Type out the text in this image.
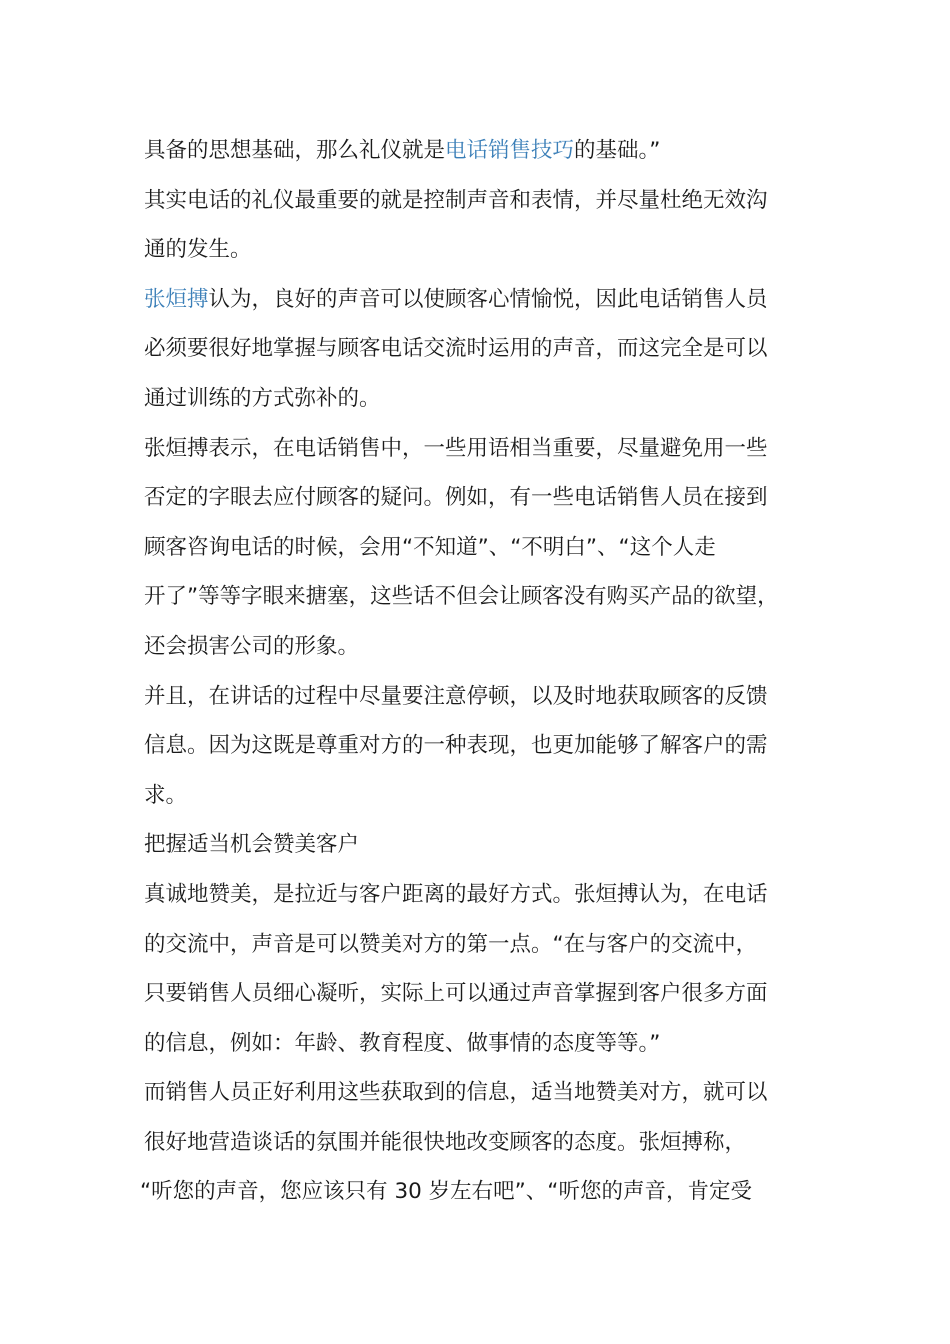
具备的思想基础，那么礼仪就是电话销售技巧的基础。”
其实电话的礼仪最重要的就是控制声音和表情，并尽量杜绝无效沟
通的发生。
张烜搏认为，良好的声音可以使顾客心情愉悦，因此电话销售人员
必须要很好地掌握与顾客电话交流时运用的声音，而这完全是可以
通过训练的方式弥补的。
张烜搏表示，在电话销售中，一些用语相当重要，尽量避免用一些
否定的字眼去应付顾客的疑问。例如，有一些电话销售人员在接到
顾客咨询电话的时候，会用“不知道”、“不明白”、“这个人走
开了”等等字眼来搪塞，这些话不但会让顾客没有购买产品的欲望，
还会损害公司的形象。
并且，在讲话的过程中尽量要注意停顿，以及时地获取顾客的反馈
信息。因为这既是尊重对方的一种表现，也更加能够了解客户的需
求。
把握适当机会赞美客户
真诚地赞美，是拉近与客户距离的最好方式。张烜搏认为，在电话
的交流中，声音是可以赞美对方的第一点。“在与客户的交流中，
只要销售人员细心凝听，实际上可以通过声音掌握到客户很多方面
的信息，例如：年龄、教育程度、做事情的态度等等。”
而销售人员正好利用这些获取到的信息，适当地赞美对方，就可以
很好地营造谈话的氛围并能很快地改变顾客的态度。张烜搏称，
“听您的声音，您应该只有 30 岁左右吧”、“听您的声音，肯定受
